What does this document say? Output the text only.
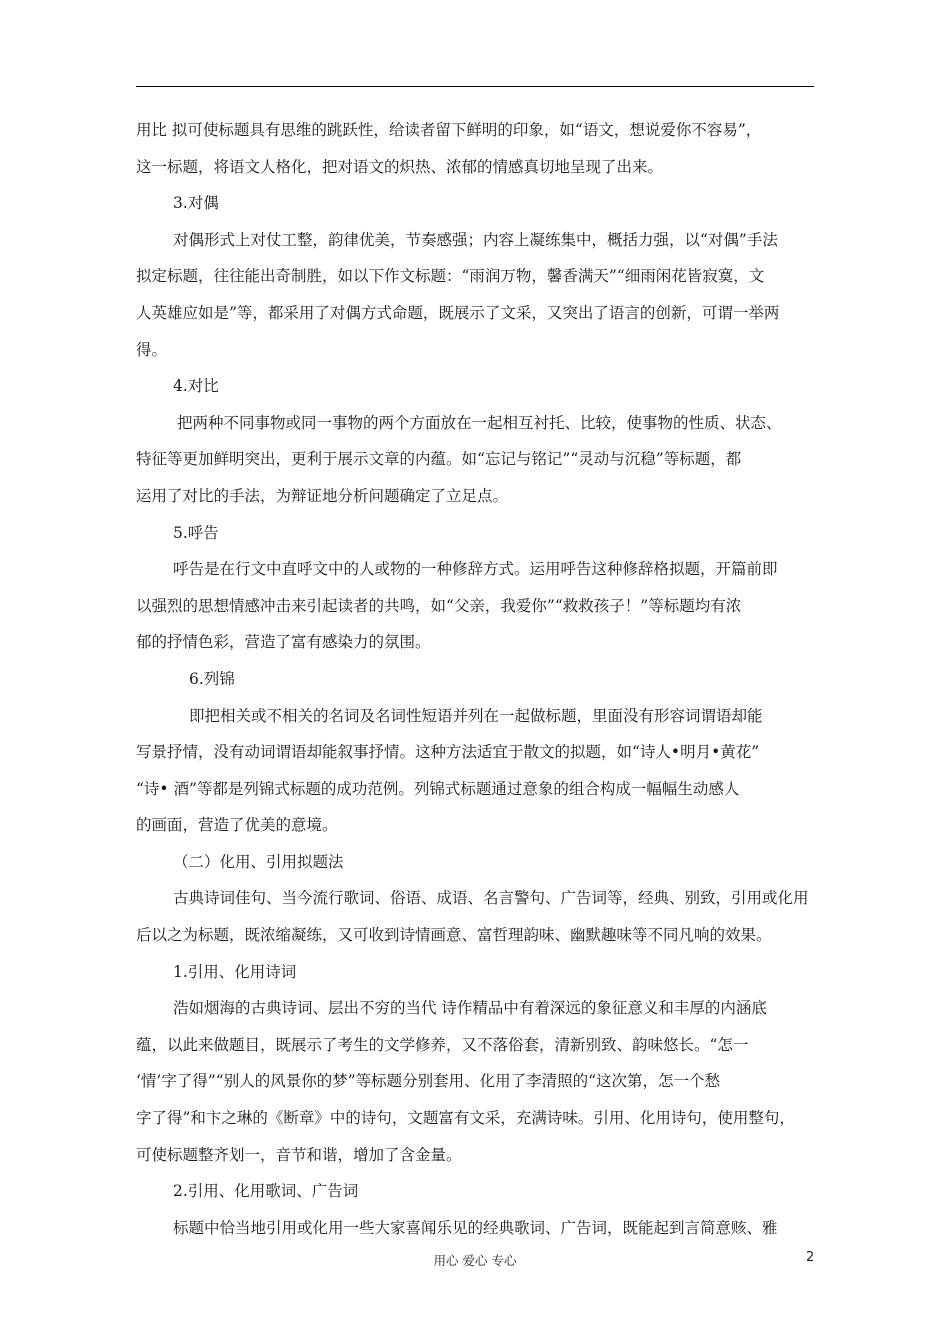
用比 拟可使标题具有思维的跳跃性，给读者留下鲜明的印象，如“语文，想说爱你不容易”，
这一标题，将语文人格化，把对语文的炽热、浓郁的情感真切地呈现了出来。
3.对偶
对偶形式上对仗工整，韵律优美，节奏感强；内容上凝练集中，概括力强，以“对偶”手法
拟定标题，往往能出奇制胜，如以下作文标题：“雨润万物，馨香满天”“细雨闲花皆寂寞，文
人英雄应如是”等，都采用了对偶方式命题，既展示了文采，又突出了语言的创新，可谓一举两
得。
4.对比
把两种不同事物或同一事物的两个方面放在一起相互衬托、比较，使事物的性质、状态、
特征等更加鲜明突出，更利于展示文章的内蕴。如“忘记与铭记”“灵动与沉稳”等标题，都
运用了对比的手法，为辩证地分析问题确定了立足点。
5.呼告
呼告是在行文中直呼文中的人或物的一种修辞方式。运用呼告这种修辞格拟题，开篇前即
以强烈的思想情感冲击来引起读者的共鸣，如“父亲，我爱你”“救救孩子！”等标题均有浓
郁的抒情色彩，营造了富有感染力的氛围。
6.列锦
即把相关或不相关的名词及名词性短语并列在一起做标题，里面没有形容词谓语却能
写景抒情，没有动词谓语却能叙事抒情。这种方法适宜于散文的拟题，如“诗人•明月•黄花”
“诗• 酒”等都是列锦式标题的成功范例。列锦式标题通过意象的组合构成一幅幅生动感人
的画面，营造了优美的意境。
（二）化用、引用拟题法
古典诗词佳句、当今流行歌词、俗语、成语、名言警句、广告词等，经典、别致，引用或化用
后以之为标题，既浓缩凝练，又可收到诗情画意、富哲理韵味、幽默趣味等不同凡响的效果。
1.引用、化用诗词
浩如烟海的古典诗词、层出不穷的当代 诗作精品中有着深远的象征意义和丰厚的内涵底
蕴，以此来做题目，既展示了考生的文学修养，又不落俗套，清新别致、韵味悠长。“怎一
‘情’字了得”“别人的风景你的梦”等标题分别套用、化用了李清照的“这次第，怎一个愁
字了得”和卞之琳的《断章》中的诗句，文题富有文采，充满诗味。引用、化用诗句，使用整句，
可使标题整齐划一，音节和谐，增加了含金量。
2.引用、化用歌词、广告词
标题中恰当地引用或化用一些大家喜闻乐见的经典歌词、广告词，既能起到言简意赅、雅
用心 爱心 专心	2
